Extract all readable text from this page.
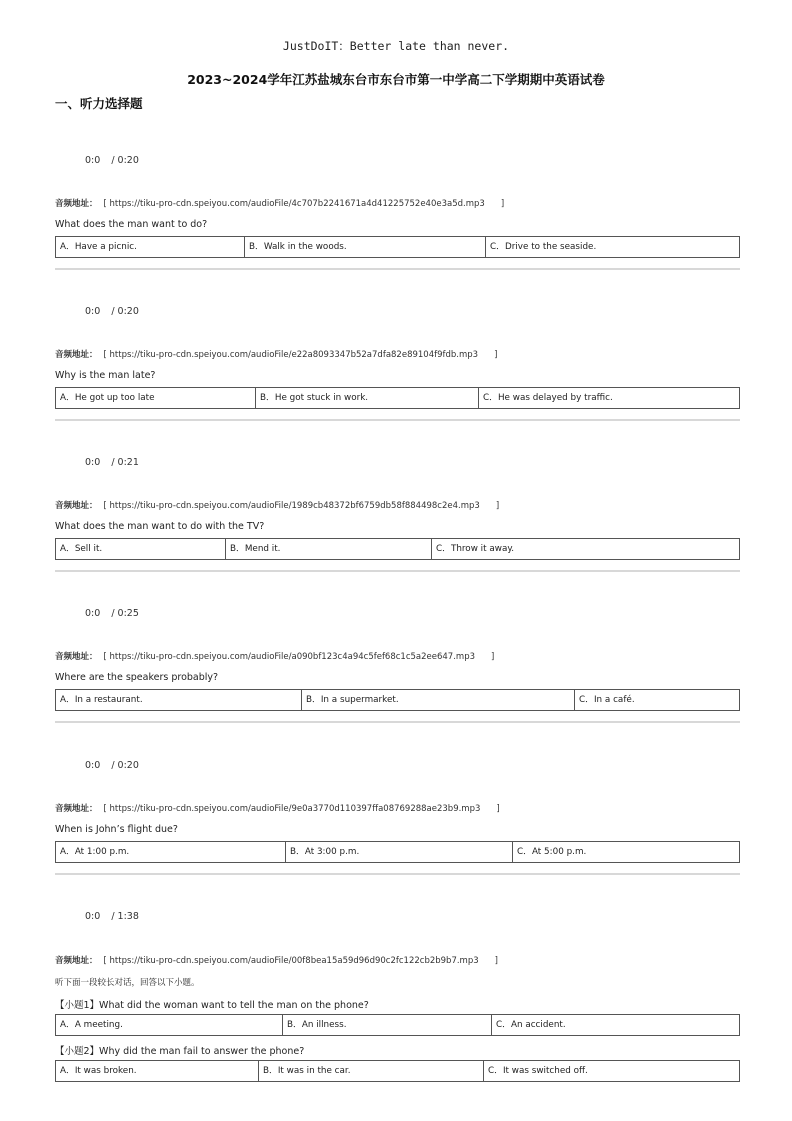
JustDoIT：Better late than never.
2023~2024学年江苏盐城东台市东台市第一中学高二下学期期中英语试卷
一、听力选择题
0:0 / 0:20
音频地址： [ https://tiku-pro-cdn.speiyou.com/audioFile/4c707b2241671a4d41225752e40e3a5d.mp3 ]
What does the man want to do?
A．Have a picnic.	B．Walk in the woods.	C．Drive to the seaside.
0:0 / 0:20
音频地址： [ https://tiku-pro-cdn.speiyou.com/audioFile/e22a8093347b52a7dfa82e89104f9fdb.mp3 ]
Why is the man late?
A．He got up too late	B．He got stuck in work.	C．He was delayed by traffic.
0:0 / 0:21
音频地址： [ https://tiku-pro-cdn.speiyou.com/audioFile/1989cb48372bf6759db58f884498c2e4.mp3 ]
What does the man want to do with the TV?
A．Sell it.	B．Mend it.	C．Throw it away.
0:0 / 0:25
音频地址： [ https://tiku-pro-cdn.speiyou.com/audioFile/a090bf123c4a94c5fef68c1c5a2ee647.mp3 ]
Where are the speakers probably?
A．In a restaurant.	B．In a supermarket.	C．In a café.
0:0 / 0:20
音频地址： [ https://tiku-pro-cdn.speiyou.com/audioFile/9e0a3770d110397ffa08769288ae23b9.mp3 ]
When is John’s flight due?
A．At 1:00 p.m.	B．At 3:00 p.m.	C．At 5:00 p.m.
0:0 / 1:38
音频地址： [ https://tiku-pro-cdn.speiyou.com/audioFile/00f8bea15a59d96d90c2fc122cb2b9b7.mp3 ]
听下面一段较长对话，回答以下小题。
【小题1】What did the woman want to tell the man on the phone?
A．A meeting.	B．An illness.	C．An accident.
【小题2】Why did the man fail to answer the phone?
A．It was broken.	B．It was in the car.	C．It was switched off.
